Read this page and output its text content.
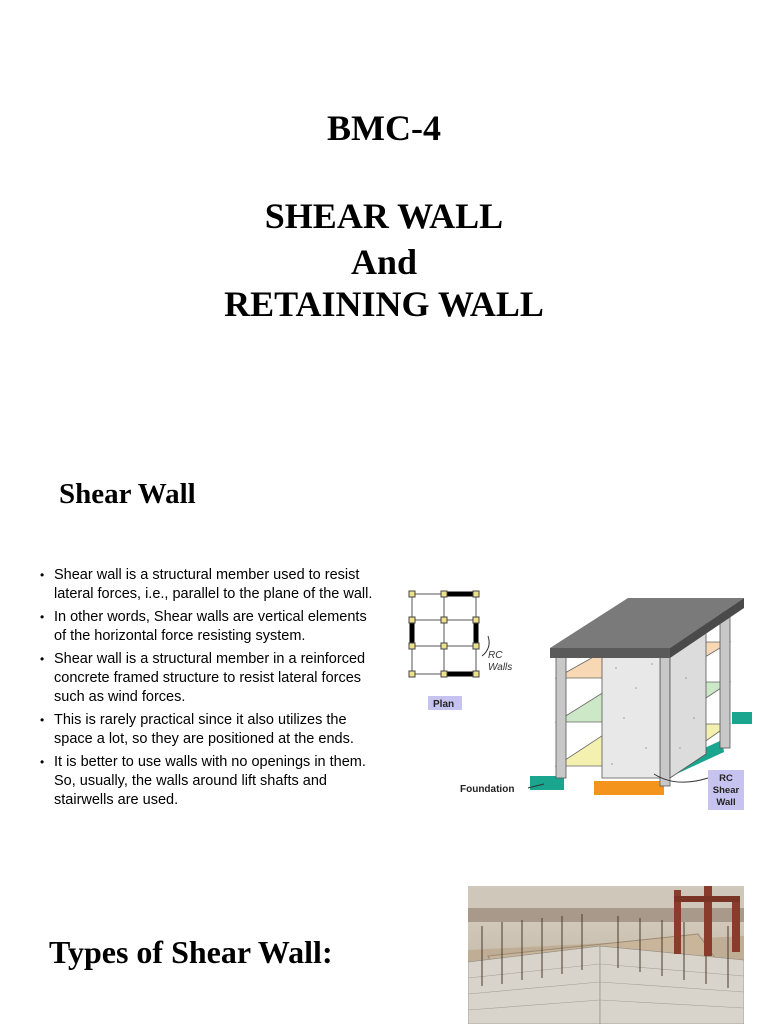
BMC-4
SHEAR WALL
And
RETAINING WALL
Shear Wall
• Shear wall is a structural member used to resist
lateral forces, i.e., parallel to the plane of the wall.
• In other words, Shear walls are vertical elements
of the horizontal force resisting system.
• Shear wall is a structural member in a reinforced
concrete framed structure to resist lateral forces
such as wind forces.
• This is rarely practical since it also utilizes the
space a lot, so they are positioned at the ends.
• It is better to use walls with no openings in them.
So, usually, the walls around lift shafts and
stairwells are used.
RC
Walls
Plan
Foundation
RC
Shear
Wall
Types of Shear Wall:
